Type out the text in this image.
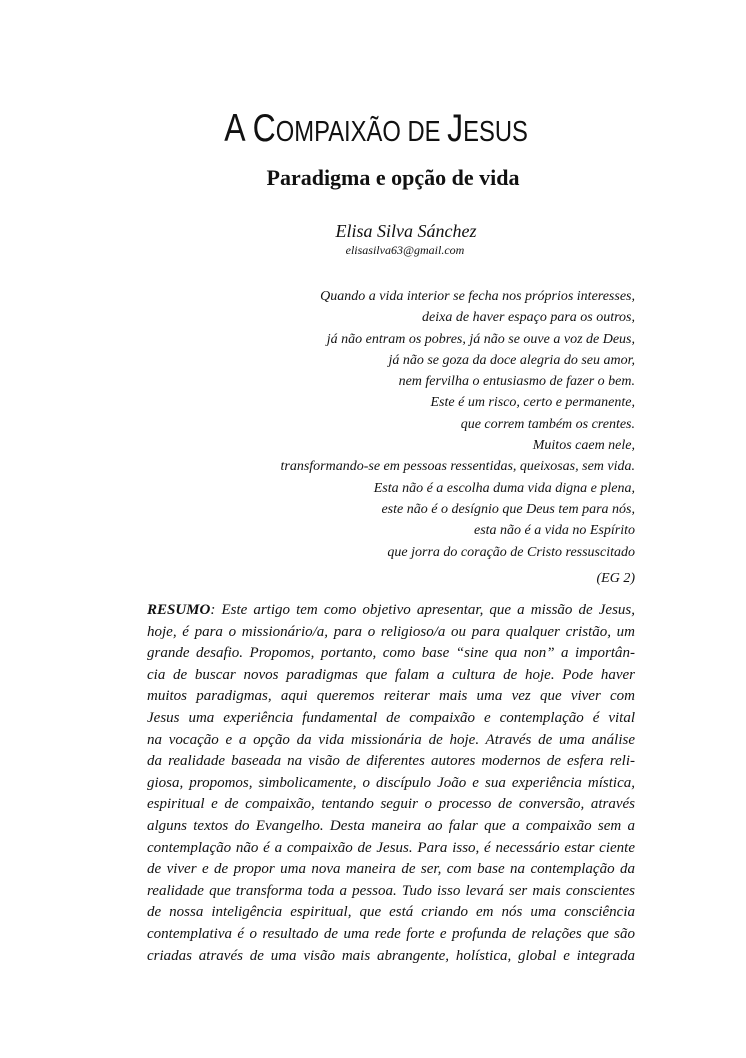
A COMPAIXÃO DE JESUS
Paradigma e opção de vida
Elisa Silva Sánchez
elisasilva63@gmail.com
Quando a vida interior se fecha nos próprios interesses,
deixa de haver espaço para os outros,
já não entram os pobres, já não se ouve a voz de Deus,
já não se goza da doce alegria do seu amor,
nem fervilha o entusiasmo de fazer o bem.
Este é um risco, certo e permanente,
que correm também os crentes.
Muitos caem nele,
transformando-se em pessoas ressentidas, queixosas, sem vida.
Esta não é a escolha duma vida digna e plena,
este não é o desígnio que Deus tem para nós,
esta não é a vida no Espírito
que jorra do coração de Cristo ressuscitado
(EG 2)
RESUMO: Este artigo tem como objetivo apresentar, que a missão de Jesus,
hoje, é para o missionário/a, para o religioso/a ou para qualquer cristão, um
grande desafio. Propomos, portanto, como base “sine qua non” a importân-
cia de buscar novos paradigmas que falam a cultura de hoje. Pode haver
muitos paradigmas, aqui queremos reiterar mais uma vez que viver com
Jesus uma experiência fundamental de compaixão e contemplação é vital
na vocação e a opção da vida missionária de hoje. Através de uma análise
da realidade baseada na visão de diferentes autores modernos de esfera reli-
giosa, propomos, simbolicamente, o discípulo João e sua experiência mística,
espiritual e de compaixão, tentando seguir o processo de conversão, através
alguns textos do Evangelho. Desta maneira ao falar que a compaixão sem a
contemplação não é a compaixão de Jesus. Para isso, é necessário estar ciente
de viver e de propor uma nova maneira de ser, com base na contemplação da
realidade que transforma toda a pessoa. Tudo isso levará ser mais conscientes
de nossa inteligência espiritual, que está criando em nós uma consciência
contemplativa é o resultado de uma rede forte e profunda de relações que são
criadas através de uma visão mais abrangente, holística, global e integrada
